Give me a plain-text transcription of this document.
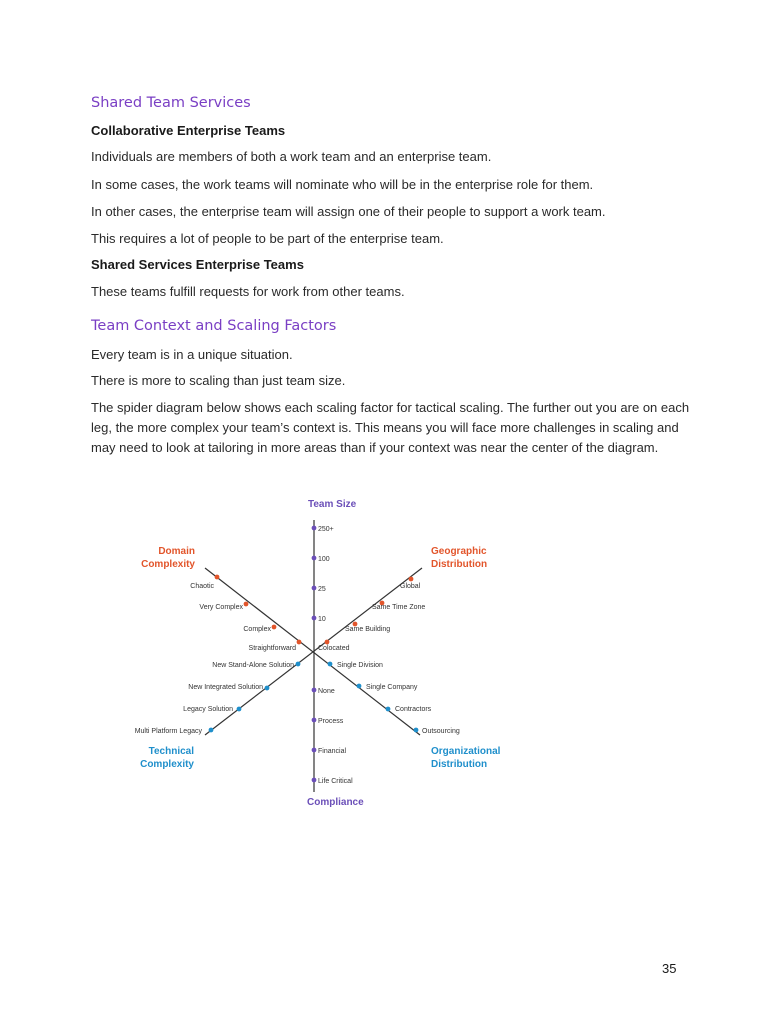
Shared Team Services
Collaborative Enterprise Teams

Individuals are members of both a work team and an enterprise team.

In some cases, the work teams will nominate who will be in the enterprise role for them.

In other cases, the enterprise team will assign one of their people to support a work team.

This requires a lot of people to be part of the enterprise team.

Shared Services Enterprise Teams

These teams fulfill requests for work from other teams.

Team Context and Scaling Factors

Every team is in a unique situation.

There is more to scaling than just team size.

The spider diagram below shows each scaling factor for tactical scaling. The further out you are on each leg, the more complex your team’s context is. This means you will face more challenges in scaling and may need to look at tailoring in more areas than if your context was near the center of the diagram.

Team Size
250+
100
25
10
Compliance
None
Process
Financial
Life Critical
Domain
Complexity
Chaotic
Very Complex
Complex
Straightforward
Geographic
Distribution
Global
Same Time Zone
Same Building
Colocated
Technical
Complexity
New Stand-Alone Solution
New Integrated Solution
Legacy Solution
Multi Platform Legacy
Organizational
Distribution
Single Division
Single Company
Contractors
Outsourcing
35
